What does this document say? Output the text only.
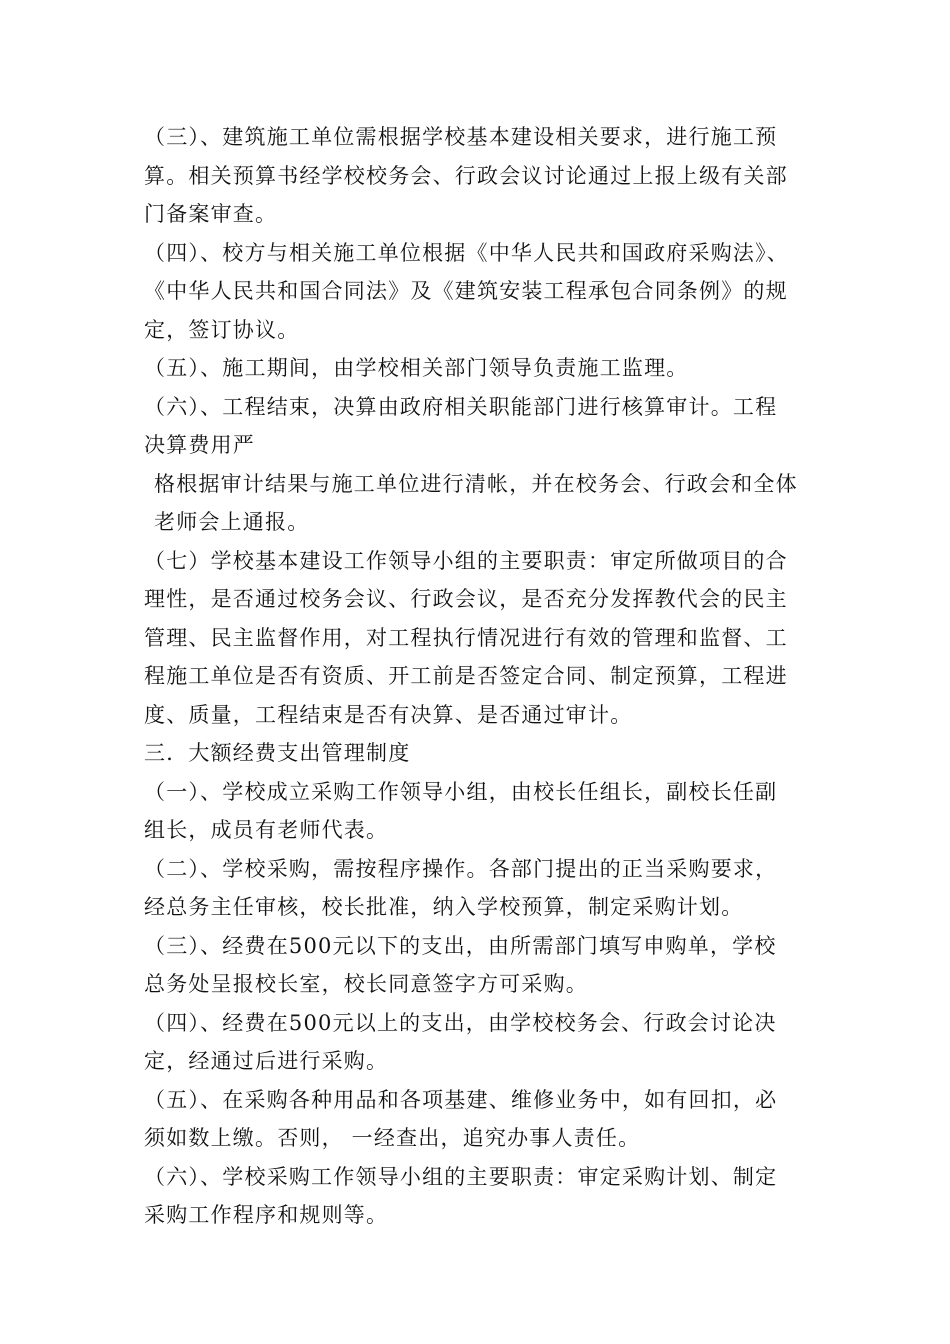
（三）、建筑施工单位需根据学校基本建设相关要求，进行施工预
算。相关预算书经学校校务会、行政会议讨论通过上报上级有关部
门备案审查。
（四）、校方与相关施工单位根据《中华人民共和国政府采购法》、
《中华人民共和国合同法》及《建筑安装工程承包合同条例》的规
定，签订协议。
（五）、施工期间，由学校相关部门领导负责施工监理。
（六）、工程结束，决算由政府相关职能部门进行核算审计。工程
决算费用严
格根据审计结果与施工单位进行清帐，并在校务会、行政会和全体
老师会上通报。
（七）学校基本建设工作领导小组的主要职责：审定所做项目的合
理性，是否通过校务会议、行政会议，是否充分发挥教代会的民主
管理、民主监督作用，对工程执行情况进行有效的管理和监督、工
程施工单位是否有资质、开工前是否签定合同、制定预算，工程进
度、质量，工程结束是否有决算、是否通过审计。
三．大额经费支出管理制度
（一）、学校成立采购工作领导小组，由校长任组长，副校长任副
组长，成员有老师代表。
（二）、学校采购，需按程序操作。各部门提出的正当采购要求，
经总务主任审核，校长批准，纳入学校预算，制定采购计划。
（三）、经费在500元以下的支出，由所需部门填写申购单，学校
总务处呈报校长室，校长同意签字方可采购。
（四）、经费在500元以上的支出，由学校校务会、行政会讨论决
定，经通过后进行采购。
（五）、在采购各种用品和各项基建、维修业务中，如有回扣，必
须如数上缴。否则， 一经查出，追究办事人责任。
（六）、学校采购工作领导小组的主要职责：审定采购计划、制定
采购工作程序和规则等。
